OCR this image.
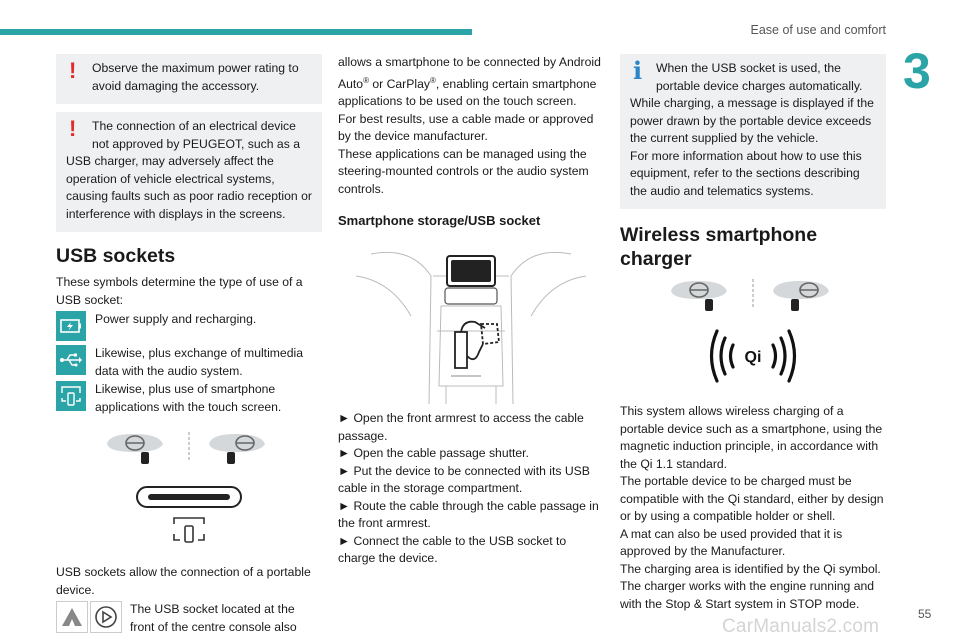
Ease of use and comfort
3
!	Observe the maximum power rating to avoid damaging the accessory.
!	The connection of an electrical device not approved by PEUGEOT, such as a
USB charger, may adversely affect the operation of vehicle electrical systems, causing faults such as poor radio reception or interference with displays in the screens.
USB sockets
These symbols determine the type of use of a USB socket:
Power supply and recharging.
Likewise, plus exchange of multimedia data with the audio system.
Likewise, plus use of smartphone applications with the touch screen.
USB sockets allow the connection of a portable device.
The USB socket located at the front of the centre console also
allows a smartphone to be connected by Android Auto® or CarPlay®, enabling certain smartphone applications to be used on the touch screen.
For best results, use a cable made or approved by the device manufacturer.
These applications can be managed using the steering-mounted controls or the audio system controls.
Smartphone storage/USB socket
► Open the front armrest to access the cable passage.
► Open the cable passage shutter.
► Put the device to be connected with its USB cable in the storage compartment.
► Route the cable through the cable passage in the front armrest.
► Connect the cable to the USB socket to charge the device.
i	When the USB socket is used, the portable device charges automatically.
While charging, a message is displayed if the power drawn by the portable device exceeds the current supplied by the vehicle.
For more information about how to use this equipment, refer to the sections describing the audio and telematics systems.
Wireless smartphone charger
Qi
This system allows wireless charging of a portable device such as a smartphone, using the magnetic induction principle, in accordance with the Qi 1.1 standard.
The portable device to be charged must be compatible with the Qi standard, either by design or by using a compatible holder or shell.
A mat can also be used provided that it is approved by the Manufacturer.
The charging area is identified by the Qi symbol.
The charger works with the engine running and with the Stop & Start system in STOP mode.
55
CarManuals2.com
